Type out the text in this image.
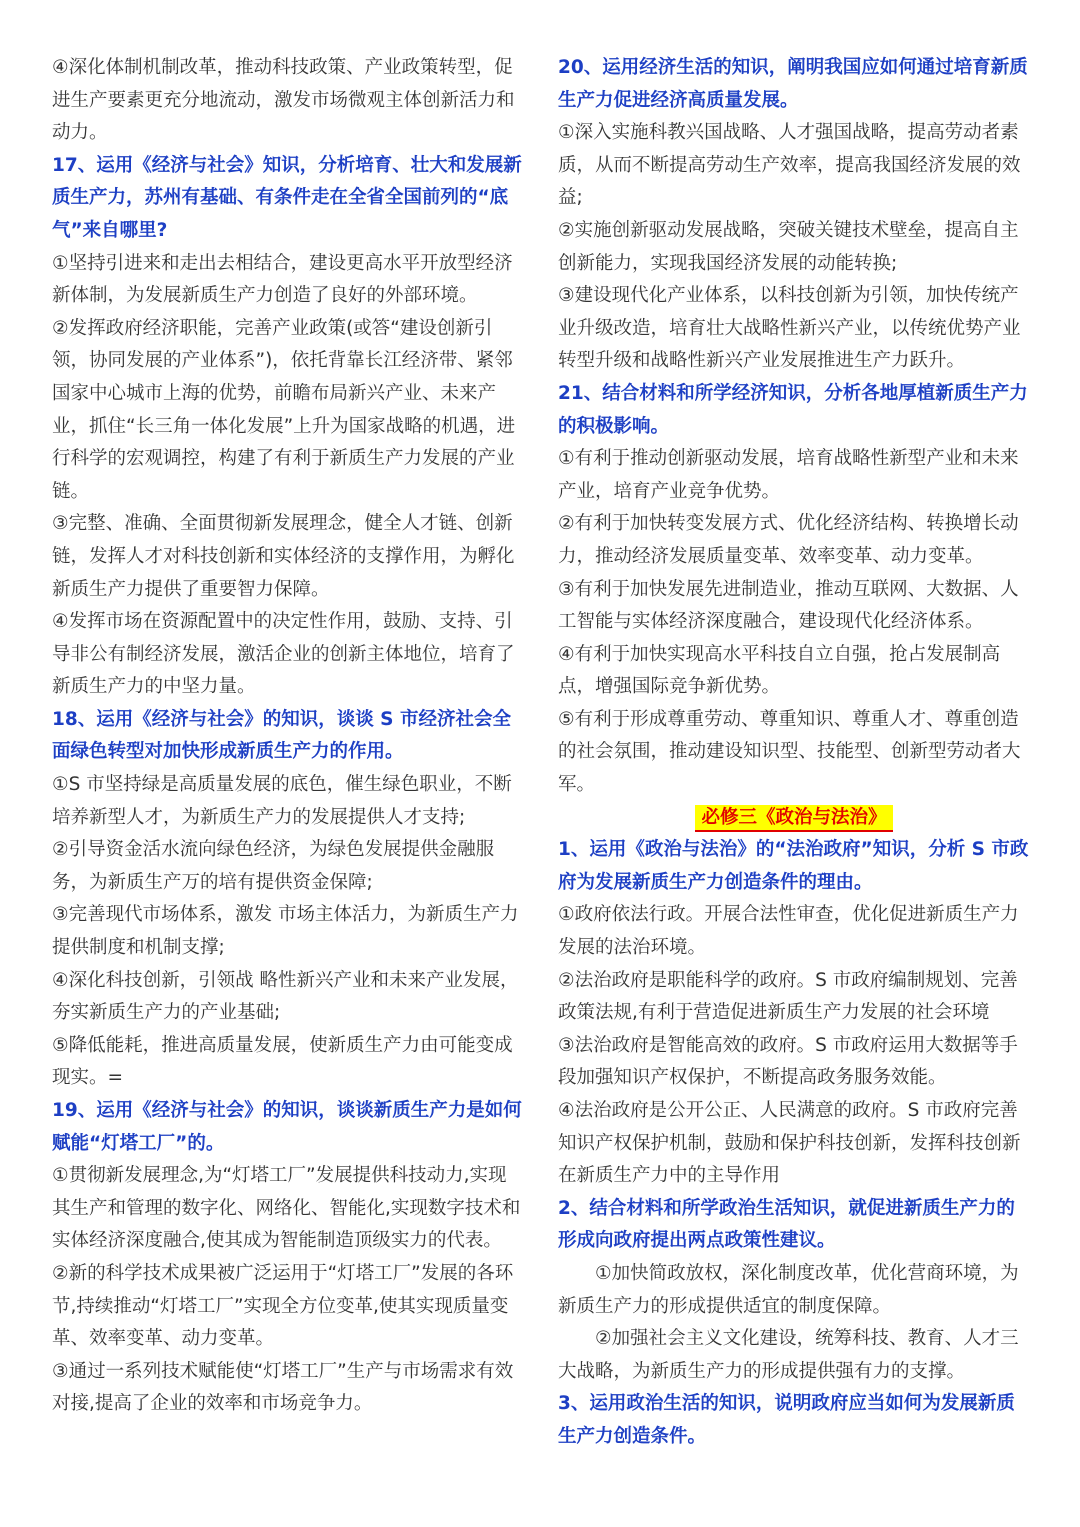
④深化体制机制改革，推动科技政策、产业政策转型，促进生产要素更充分地流动，激发市场微观主体创新活力和动力。

17、运用《经济与社会》知识，分析培育、壮大和发展新质生产力，苏州有基础、有条件走在全省全国前列的“底气”来自哪里?

①坚持引进来和走出去相结合，建设更高水平开放型经济新体制，为发展新质生产力创造了良好的外部环境。

②发挥政府经济职能，完善产业政策(或答“建设创新引领，协同发展的产业体系”)，依托背靠长江经济带、紧邻国家中心城市上海的优势，前瞻布局新兴产业、未来产业，抓住“长三角一体化发展”上升为国家战略的机遇，进行科学的宏观调控，构建了有利于新质生产力发展的产业链。

③完整、准确、全面贯彻新发展理念，健全人才链、创新链，发挥人才对科技创新和实体经济的支撑作用，为孵化新质生产力提供了重要智力保障。

④发挥市场在资源配置中的决定性作用，鼓励、支持、引导非公有制经济发展，激活企业的创新主体地位，培育了新质生产力的中坚力量。

18、运用《经济与社会》的知识，谈谈 S 市经济社会全面绿色转型对加快形成新质生产力的作用。

①S 市坚持绿是高质量发展的底色，催生绿色职业，不断培养新型人才，为新质生产力的发展提供人才支持;

②引导资金活水流向绿色经济，为绿色发展提供金融服务，为新质生产万的培有提供资金保障;

③完善现代市场体系，激发 市场主体活力，为新质生产力提供制度和机制支撑;

④深化科技创新，引领战 略性新兴产业和未来产业发展，夯实新质生产力的产业基础;

⑤降低能耗，推进高质量发展，使新质生产力由可能变成现实。=

19、运用《经济与社会》的知识，谈谈新质生产力是如何赋能“灯塔工厂”的。

①贯彻新发展理念,为“灯塔工厂”发展提供科技动力,实现其生产和管理的数字化、网络化、智能化,实现数字技术和实体经济深度融合,使其成为智能制造顶级实力的代表。

②新的科学技术成果被广泛运用于“灯塔工厂”发展的各环节,持续推动“灯塔工厂”实现全方位变革,使其实现质量变革、效率变革、动力变革。

③通过一系列技术赋能使“灯塔工厂”生产与市场需求有效对接,提高了企业的效率和市场竞争力。

20、运用经济生活的知识，阐明我国应如何通过培育新质生产力促进经济高质量发展。

①深入实施科教兴国战略、人才强国战略，提高劳动者素质，从而不断提高劳动生产效率，提高我国经济发展的效益;

②实施创新驱动发展战略，突破关键技术壁垒，提高自主创新能力，实现我国经济发展的动能转换;

③建设现代化产业体系，以科技创新为引领，加快传统产业升级改造，培育壮大战略性新兴产业，以传统优势产业转型升级和战略性新兴产业发展推进生产力跃升。

21、结合材料和所学经济知识，分析各地厚植新质生产力的积极影响。

①有利于推动创新驱动发展，培育战略性新型产业和未来产业，培育产业竞争优势。

②有利于加快转变发展方式、优化经济结构、转换增长动力，推动经济发展质量变革、效率变革、动力变革。

③有利于加快发展先进制造业，推动互联网、大数据、人工智能与实体经济深度融合，建设现代化经济体系。

④有利于加快实现高水平科技自立自强，抢占发展制高点，增强国际竞争新优势。

⑤有利于形成尊重劳动、尊重知识、尊重人才、尊重创造的社会氛围，推动建设知识型、技能型、创新型劳动者大军。

必修三《政治与法治》

1、运用《政治与法治》的“法治政府”知识，分析 S 市政府为发展新质生产力创造条件的理由。

①政府依法行政。开展合法性审查，优化促进新质生产力发展的法治环境。

②法治政府是职能科学的政府。S 市政府编制规划、完善政策法规,有利于营造促进新质生产力发展的社会环境

③法治政府是智能高效的政府。S 市政府运用大数据等手段加强知识产权保护，不断提高政务服务效能。

④法治政府是公开公正、人民满意的政府。S 市政府完善知识产权保护机制，鼓励和保护科技创新，发挥科技创新在新质生产力中的主导作用

2、结合材料和所学政治生活知识，就促进新质生产力的形成向政府提出两点政策性建议。

①加快简政放权，深化制度改革，优化营商环境，为新质生产力的形成提供适宜的制度保障。

②加强社会主义文化建设，统筹科技、教育、人才三大战略，为新质生产力的形成提供强有力的支撑。

3、运用政治生活的知识，说明政府应当如何为发展新质生产力创造条件。
